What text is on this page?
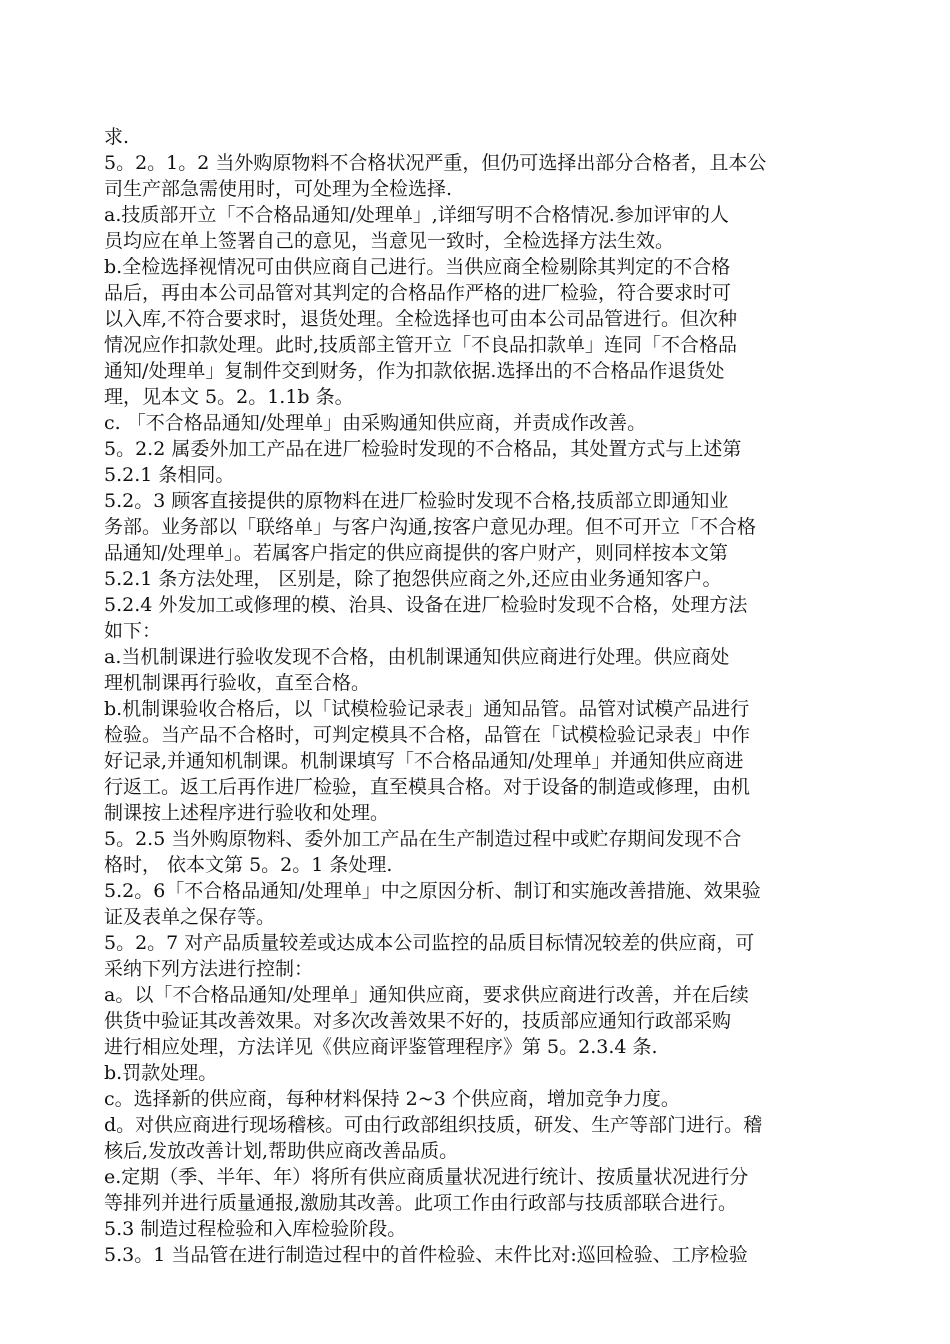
求.
5。2。1。2 当外购原物料不合格状况严重，但仍可选择出部分合格者，且本公
司生产部急需使用时，可处理为全检选择.
a.技质部开立「不合格品通知/处理单」,详细写明不合格情况.参加评审的人
员均应在单上签署自己的意见，当意见一致时，全检选择方法生效。
b.全检选择视情况可由供应商自己进行。当供应商全检剔除其判定的不合格
品后，再由本公司品管对其判定的合格品作严格的进厂检验，符合要求时可
以入库,不符合要求时，退货处理。全检选择也可由本公司品管进行。但次种
情况应作扣款处理。此时,技质部主管开立「不良品扣款单」连同「不合格品
通知/处理单」复制件交到财务，作为扣款依据.选择出的不合格品作退货处
理，见本文 5。2。1.1b 条。
c. 「不合格品通知/处理单」由采购通知供应商，并责成作改善。
5。2.2 属委外加工产品在进厂检验时发现的不合格品，其处置方式与上述第
5.2.1 条相同。
5.2。3 顾客直接提供的原物料在进厂检验时发现不合格,技质部立即通知业
务部。业务部以「联络单」与客户沟通,按客户意见办理。但不可开立「不合格
品通知/处理单」。若属客户指定的供应商提供的客户财产，则同样按本文第
5.2.1 条方法处理， 区别是，除了抱怨供应商之外,还应由业务通知客户。
5.2.4 外发加工或修理的模、治具、设备在进厂检验时发现不合格，处理方法
如下：
a.当机制课进行验收发现不合格，由机制课通知供应商进行处理。供应商处
理机制课再行验收，直至合格。
b.机制课验收合格后，以「试模检验记录表」通知品管。品管对试模产品进行
检验。当产品不合格时，可判定模具不合格，品管在「试模检验记录表」中作
好记录,并通知机制课。机制课填写「不合格品通知/处理单」并通知供应商进
行返工。返工后再作进厂检验，直至模具合格。对于设备的制造或修理，由机
制课按上述程序进行验收和处理。
5。2.5 当外购原物料、委外加工产品在生产制造过程中或贮存期间发现不合
格时， 依本文第 5。2。1 条处理.
5.2。6「不合格品通知/处理单」中之原因分析、制订和实施改善措施、效果验
证及表单之保存等。
5。2。7 对产品质量较差或达成本公司监控的品质目标情况较差的供应商，可
采纳下列方法进行控制：
a。以「不合格品通知/处理单」通知供应商，要求供应商进行改善，并在后续
供货中验证其改善效果。对多次改善效果不好的，技质部应通知行政部采购
进行相应处理，方法详见《供应商评鉴管理程序》第 5。2.3.4 条.
b.罚款处理。
c。选择新的供应商，每种材料保持 2~3 个供应商，增加竞争力度。
d。对供应商进行现场稽核。可由行政部组织技质，研发、生产等部门进行。稽
核后,发放改善计划,帮助供应商改善品质。
e.定期（季、半年、年）将所有供应商质量状况进行统计、按质量状况进行分
等排列并进行质量通报,激励其改善。此项工作由行政部与技质部联合进行。
5.3 制造过程检验和入库检验阶段。
5.3。1 当品管在进行制造过程中的首件检验、末件比对:巡回检验、工序检验
